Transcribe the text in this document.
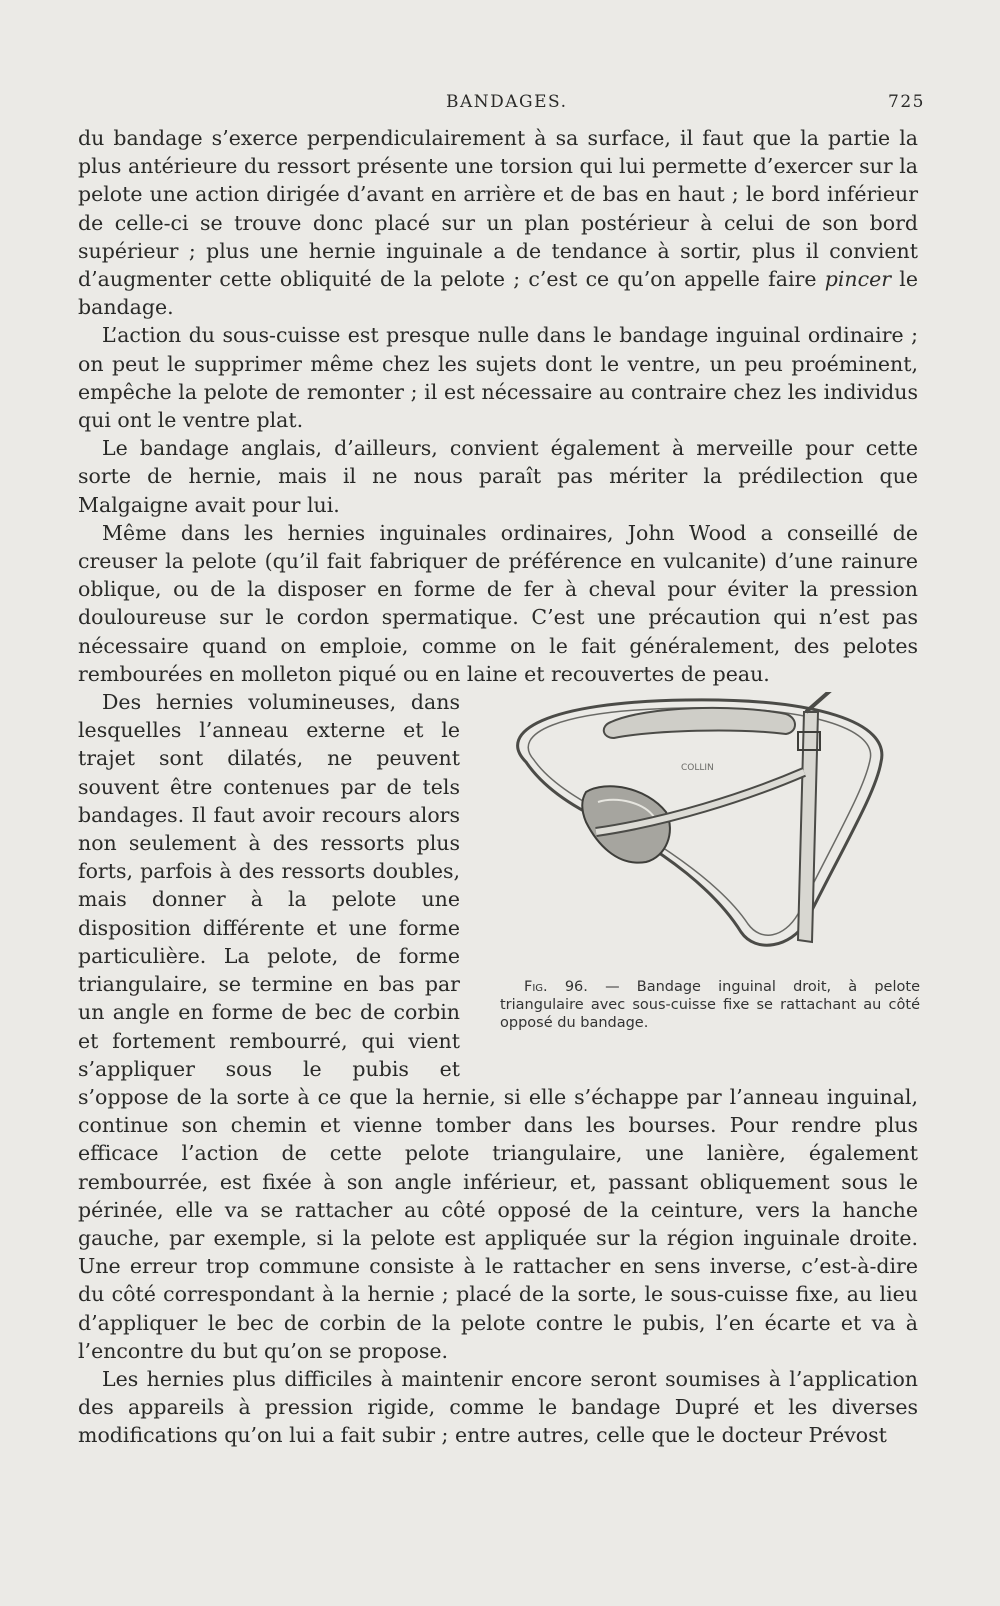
BANDAGES.	725

du bandage s’exerce perpendiculairement à sa surface, il faut que la partie la plus antérieure du ressort présente une torsion qui lui permette d’exercer sur la pelote une action dirigée d’avant en arrière et de bas en haut ; le bord inférieur de celle-ci se trouve donc placé sur un plan postérieur à celui de son bord supérieur ; plus une hernie inguinale a de tendance à sortir, plus il convient d’augmenter cette obliquité de la pelote ; c’est ce qu’on appelle faire pincer le bandage.

L’action du sous-cuisse est presque nulle dans le bandage inguinal ordinaire ; on peut le supprimer même chez les sujets dont le ventre, un peu proéminent, empêche la pelote de remonter ; il est nécessaire au contraire chez les individus qui ont le ventre plat.

Le bandage anglais, d’ailleurs, convient également à merveille pour cette sorte de hernie, mais il ne nous paraît pas mériter la prédilection que Malgaigne avait pour lui.

Même dans les hernies inguinales ordinaires, John Wood a conseillé de creuser la pelote (qu’il fait fabriquer de préférence en vulcanite) d’une rainure oblique, ou de la disposer en forme de fer à cheval pour éviter la pression douloureuse sur le cordon spermatique. C’est une précaution qui n’est pas nécessaire quand on emploie, comme on le fait généralement, des pelotes rembourées en molleton piqué ou en laine et recouvertes de peau.

COLLIN
Fig. 96. — Bandage inguinal droit, à pelote triangulaire avec sous-cuisse fixe se rattachant au côté opposé du bandage.
Des hernies volumineuses, dans lesquelles l’anneau externe et le trajet sont dilatés, ne peuvent souvent être contenues par de tels bandages. Il faut avoir recours alors non seulement à des ressorts plus forts, parfois à des ressorts doubles, mais donner à la pelote une disposition différente et une forme particulière. La pelote, de forme triangulaire, se termine en bas par un angle en forme de bec de corbin et fortement rembourré, qui vient s’appliquer sous le pubis et s’oppose de la sorte à ce que la hernie, si elle s’échappe par l’anneau inguinal, continue son chemin et vienne tomber dans les bourses. Pour rendre plus efficace l’action de cette pelote triangulaire, une lanière, également rembourrée, est fixée à son angle inférieur, et, passant obliquement sous le périnée, elle va se rattacher au côté opposé de la ceinture, vers la hanche gauche, par exemple, si la pelote est appliquée sur la région inguinale droite. Une erreur trop commune consiste à le rattacher en sens inverse, c’est-à-dire du côté correspondant à la hernie ; placé de la sorte, le sous-cuisse fixe, au lieu d’appliquer le bec de corbin de la pelote contre le pubis, l’en écarte et va à l’encontre du but qu’on se propose.

Les hernies plus difficiles à maintenir encore seront soumises à l’application des appareils à pression rigide, comme le bandage Dupré et les diverses modifications qu’on lui a fait subir ; entre autres, celle que le docteur Prévost
